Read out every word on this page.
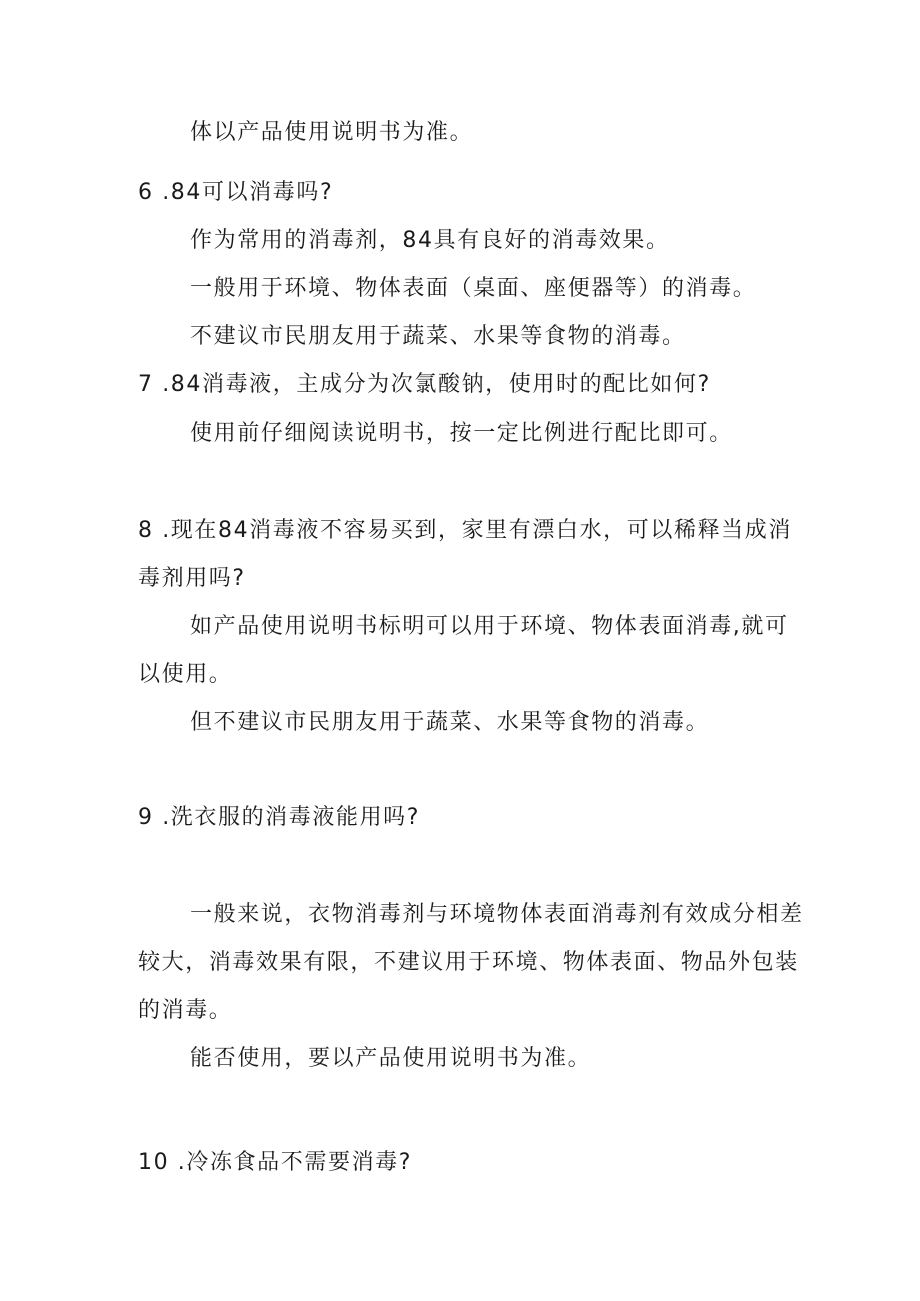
体以产品使用说明书为准。
6 .84可以消毒吗?
作为常用的消毒剂，84具有良好的消毒效果。
一般用于环境、物体表面（桌面、座便器等）的消毒。
不建议市民朋友用于蔬菜、水果等食物的消毒。
7 .84消毒液，主成分为次氯酸钠，使用时的配比如何?
使用前仔细阅读说明书，按一定比例进行配比即可。
8 .现在84消毒液不容易买到，家里有漂白水，可以稀释当成消
毒剂用吗?
如产品使用说明书标明可以用于环境、物体表面消毒,就可
以使用。
但不建议市民朋友用于蔬菜、水果等食物的消毒。
9 .洗衣服的消毒液能用吗?
一般来说，衣物消毒剂与环境物体表面消毒剂有效成分相差
较大，消毒效果有限，不建议用于环境、物体表面、物品外包装
的消毒。
能否使用，要以产品使用说明书为准。
10 .冷冻食品不需要消毒?
